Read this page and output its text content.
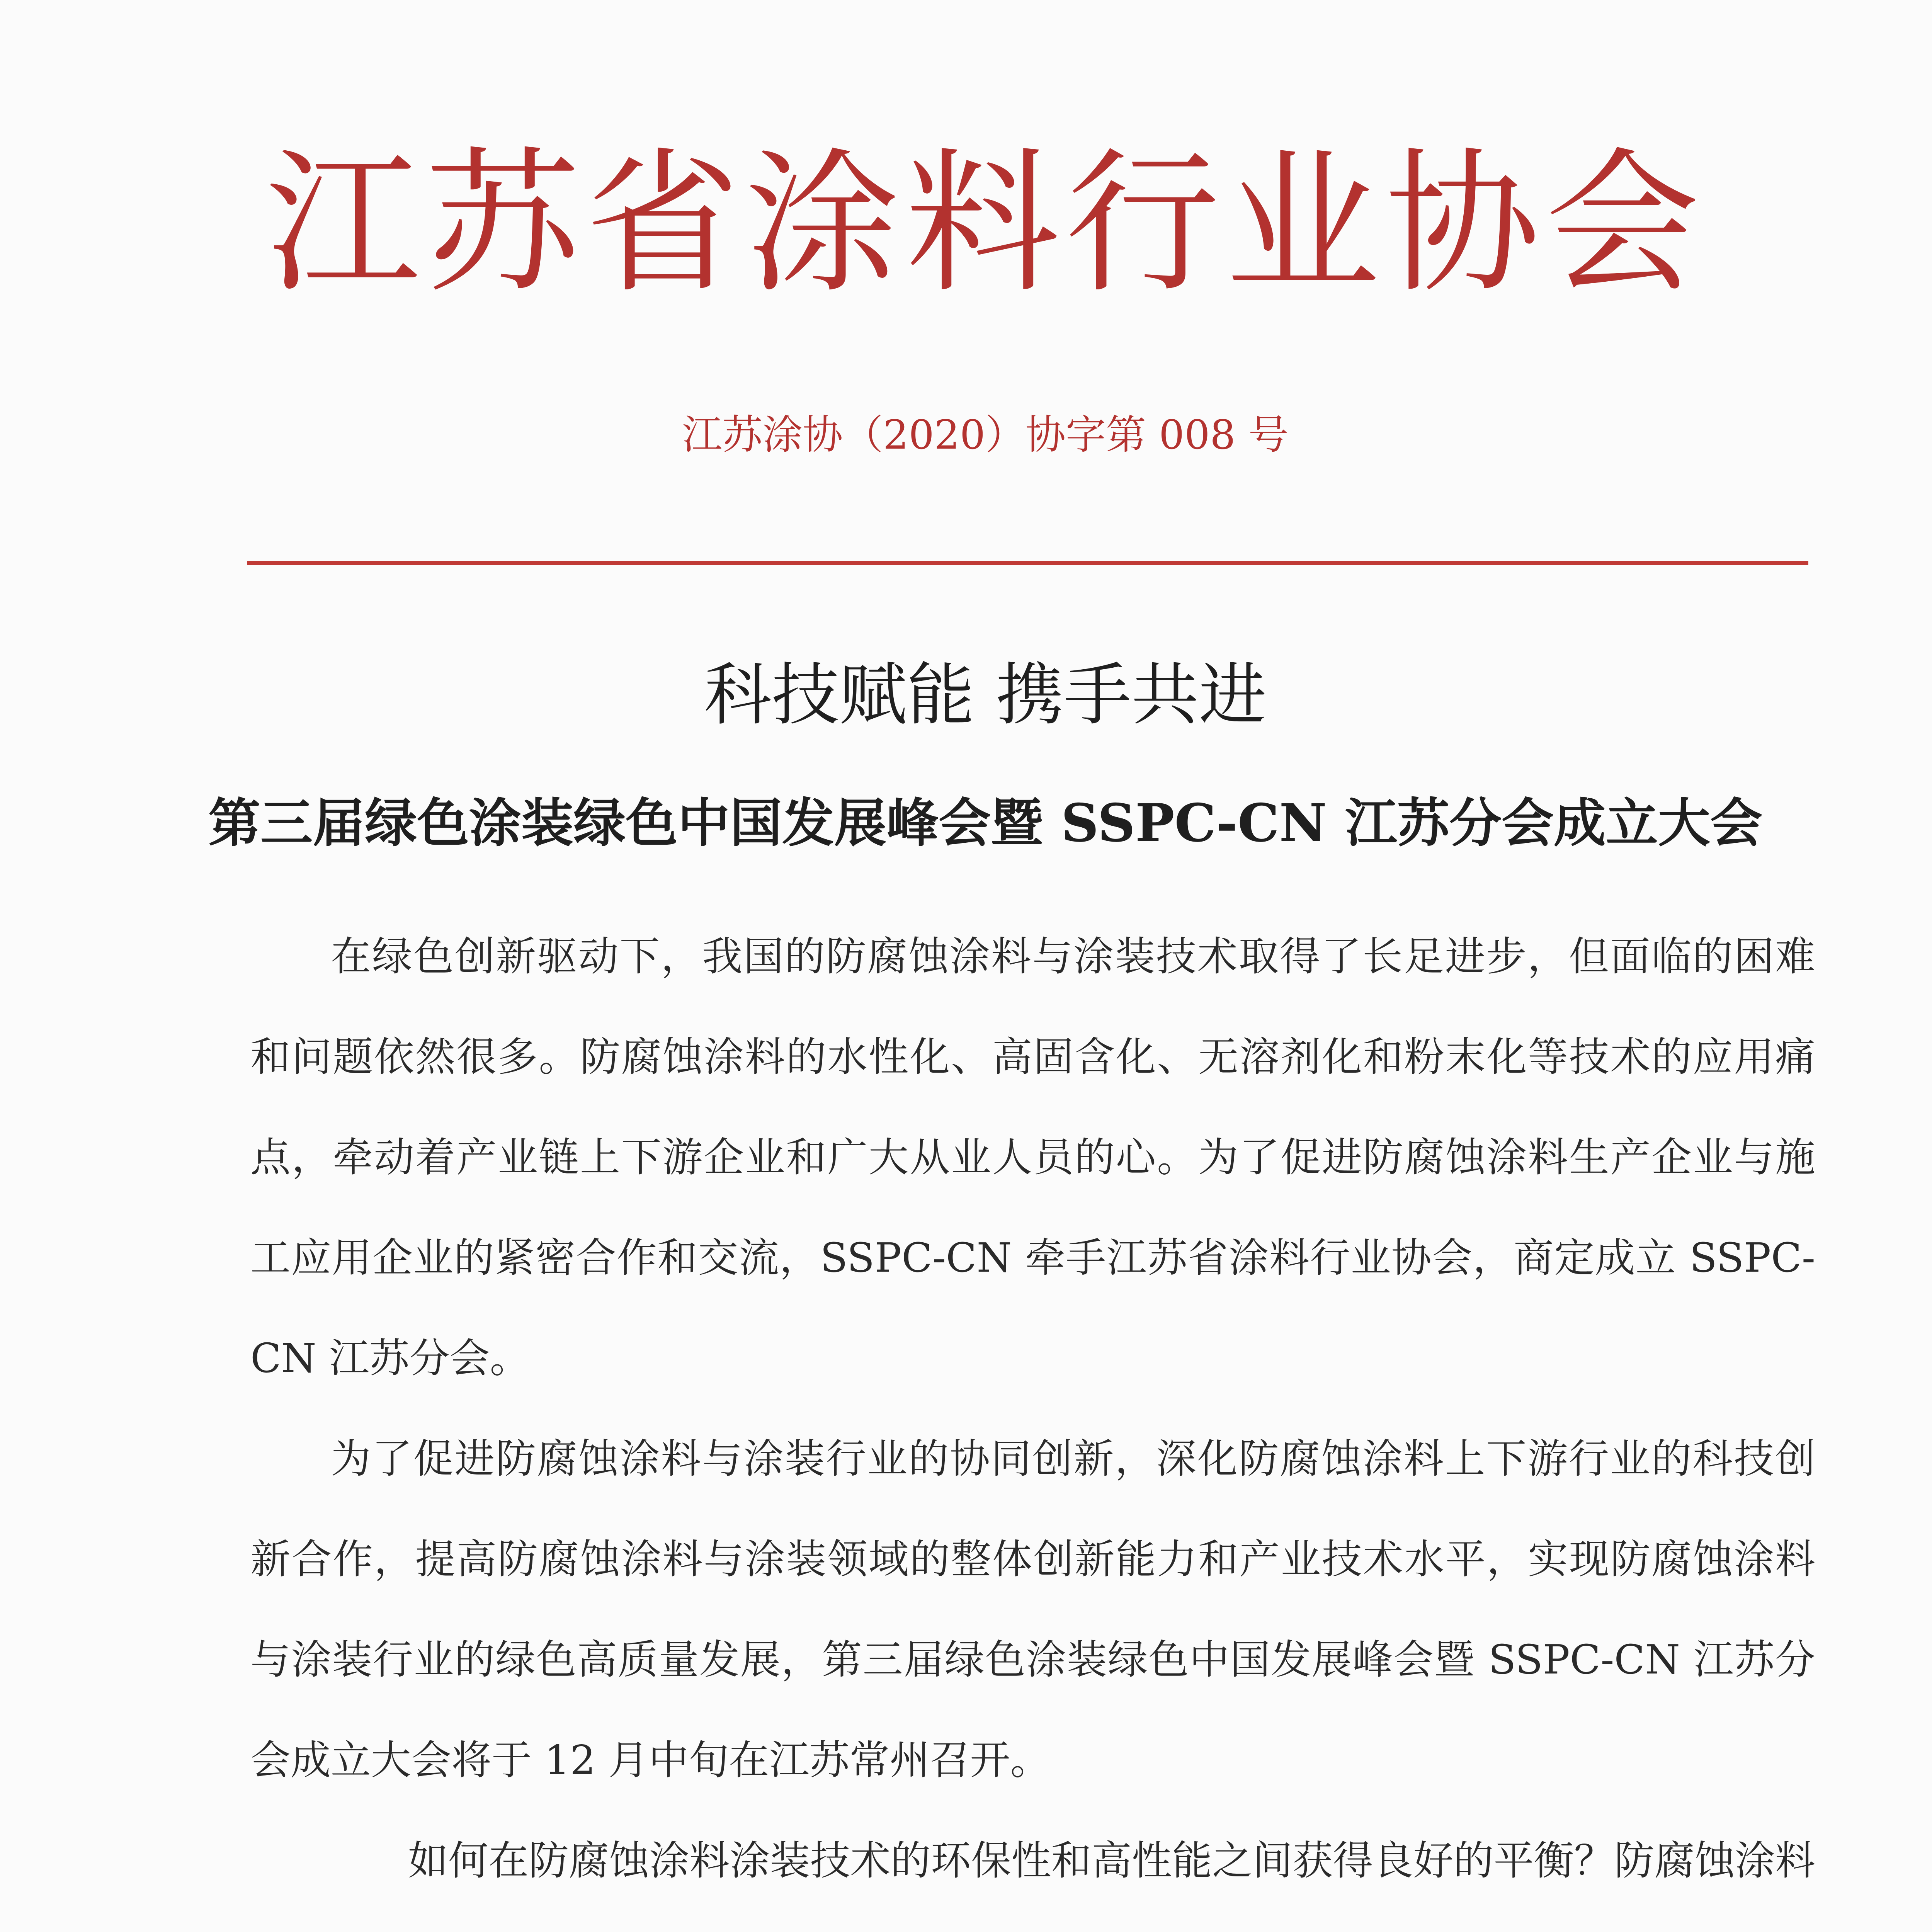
江苏省涂料行业协会
江苏涂协（2020）协字第 008 号
科技赋能 携手共进
第三届绿色涂装绿色中国发展峰会暨 SSPC-CN 江苏分会成立大会

在绿色创新驱动下，我国的防腐蚀涂料与涂装技术取得了长足进步，但面临的困难和问题依然很多。防腐蚀涂料的水性化、高固含化、无溶剂化和粉末化等技术的应用痛点，牵动着产业链上下游企业和广大从业人员的心。为了促进防腐蚀涂料生产企业与施工应用企业的紧密合作和交流，SSPC-CN 牵手江苏省涂料行业协会，商定成立 SSPC-CN 江苏分会。

为了促进防腐蚀涂料与涂装行业的协同创新，深化防腐蚀涂料上下游行业的科技创新合作，提高防腐蚀涂料与涂装领域的整体创新能力和产业技术水平，实现防腐蚀涂料与涂装行业的绿色高质量发展，第三届绿色涂装绿色中国发展峰会暨 SSPC-CN 江苏分会成立大会将于 12 月中旬在江苏常州召开。

如何在防腐蚀涂料涂装技术的环保性和高性能之间获得良好的平衡？防腐蚀涂料
